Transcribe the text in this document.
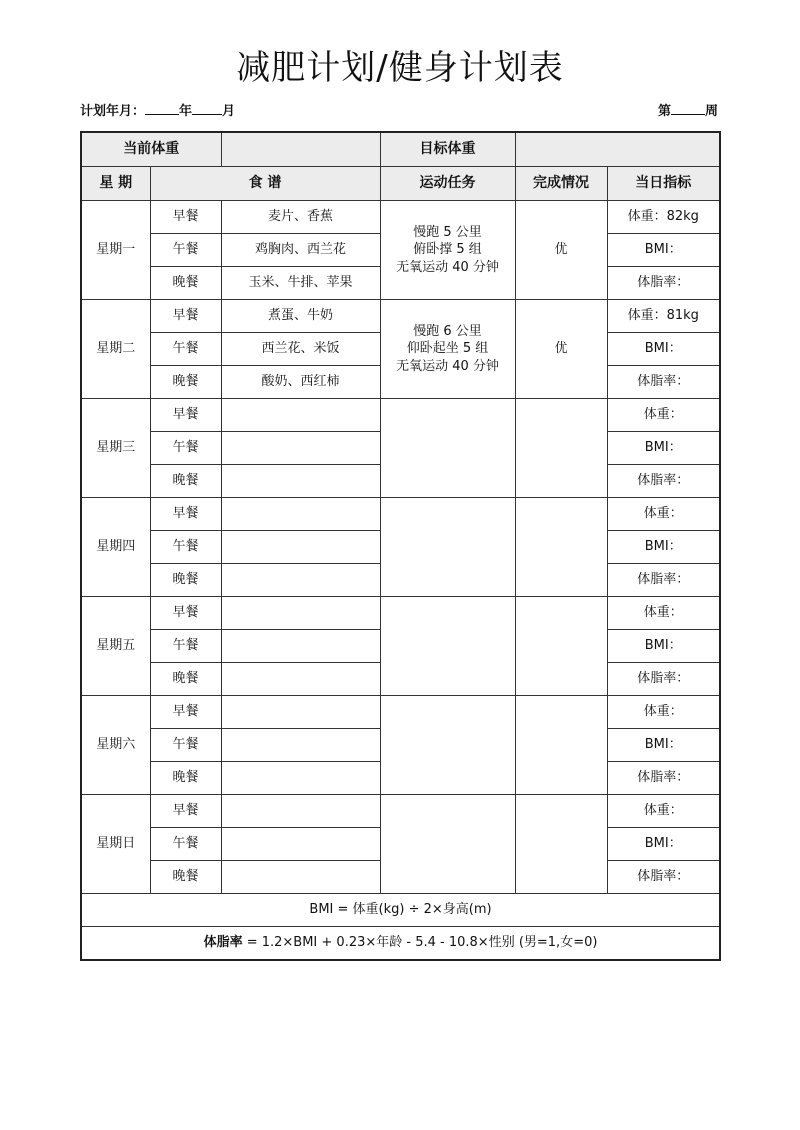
减肥计划/健身计划表
计划年月：	年 月	第	周
当前体重			目标体重		
星 期	食 谱		运动任务	完成情况	当日指标
星期一	早餐	麦片、香蕉	慢跑 5 公里
俯卧撑 5 组
无氧运动 40 分钟	优	体重：82kg
	午餐	鸡胸肉、西兰花			BMI：
	晚餐	玉米、牛排、苹果			体脂率：
星期二	早餐	煮蛋、牛奶	慢跑 6 公里
仰卧起坐 5 组
无氧运动 40 分钟	优	体重：81kg
	午餐	西兰花、米饭			BMI：
	晚餐	酸奶、西红柿			体脂率：
星期三	早餐				体重：
	午餐				BMI：
	晚餐				体脂率：
星期四	早餐				体重：
	午餐				BMI：
	晚餐				体脂率：
星期五	早餐				体重：
	午餐				BMI：
	晚餐				体脂率：
星期六	早餐				体重：
	午餐				BMI：
	晚餐				体脂率：
星期日	早餐				体重：
	午餐				BMI：
	晚餐				体脂率：
BMI = 体重(kg) ÷ 2×身高(m)					
体脂率 = 1.2×BMI + 0.23×年龄 - 5.4 - 10.8×性别 (男=1,女=0)					
